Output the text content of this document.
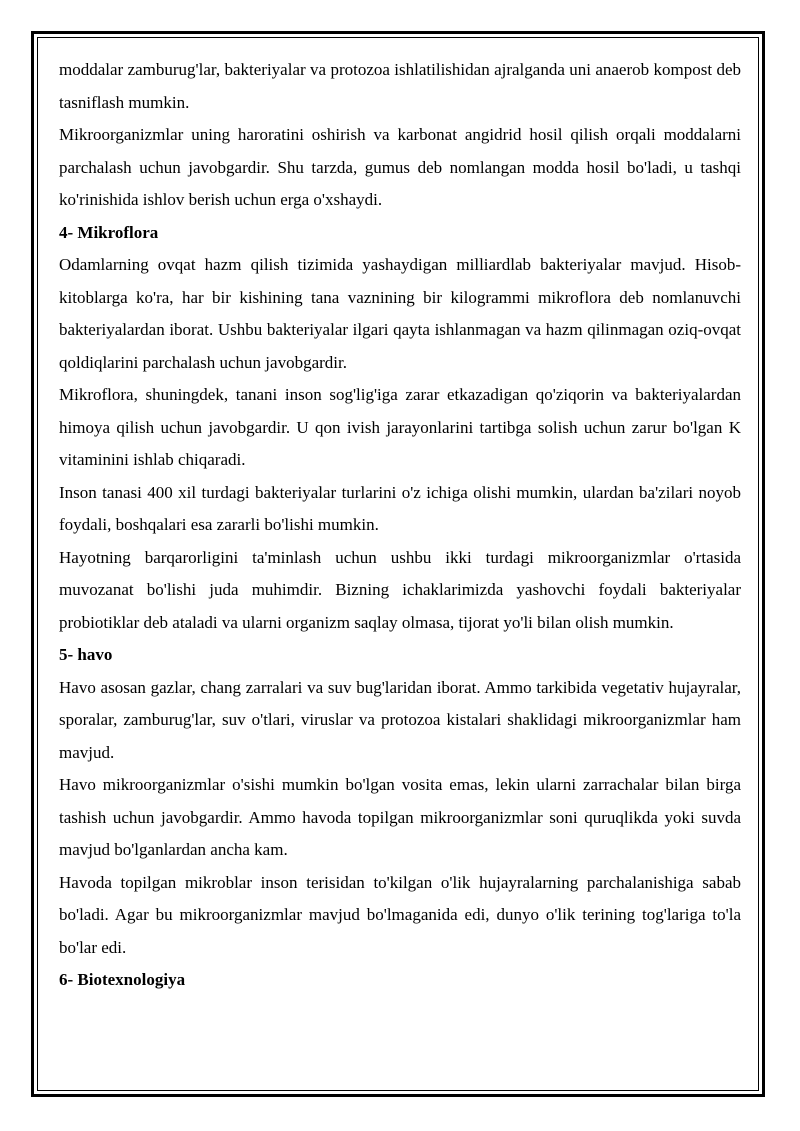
moddalar zamburug'lar, bakteriyalar va protozoa ishlatilishidan ajralganda uni anaerob kompost deb tasniflash mumkin.

Mikroorganizmlar uning haroratini oshirish va karbonat angidrid hosil qilish orqali moddalarni parchalash uchun javobgardir. Shu tarzda, gumus deb nomlangan modda hosil bo'ladi, u tashqi ko'rinishida ishlov berish uchun erga o'xshaydi.

4- Mikroflora

Odamlarning ovqat hazm qilish tizimida yashaydigan milliardlab bakteriyalar mavjud. Hisob-kitoblarga ko'ra, har bir kishining tana vaznining bir kilogrammi mikroflora deb nomlanuvchi bakteriyalardan iborat. Ushbu bakteriyalar ilgari qayta ishlanmagan va hazm qilinmagan oziq-ovqat qoldiqlarini parchalash uchun javobgardir.

Mikroflora, shuningdek, tanani inson sog'lig'iga zarar etkazadigan qo'ziqorin va bakteriyalardan himoya qilish uchun javobgardir. U qon ivish jarayonlarini tartibga solish uchun zarur bo'lgan K vitaminini ishlab chiqaradi.

Inson tanasi 400 xil turdagi bakteriyalar turlarini o'z ichiga olishi mumkin, ulardan ba'zilari noyob foydali, boshqalari esa zararli bo'lishi mumkin.

Hayotning barqarorligini ta'minlash uchun ushbu ikki turdagi mikroorganizmlar o'rtasida muvozanat bo'lishi juda muhimdir. Bizning ichaklarimizda yashovchi foydali bakteriyalar probiotiklar deb ataladi va ularni organizm saqlay olmasa, tijorat yo'li bilan olish mumkin.

5- havo

Havo asosan gazlar, chang zarralari va suv bug'laridan iborat. Ammo tarkibida vegetativ hujayralar, sporalar, zamburug'lar, suv o'tlari, viruslar va protozoa kistalari shaklidagi mikroorganizmlar ham mavjud.

Havo mikroorganizmlar o'sishi mumkin bo'lgan vosita emas, lekin ularni zarrachalar bilan birga tashish uchun javobgardir. Ammo havoda topilgan mikroorganizmlar soni quruqlikda yoki suvda mavjud bo'lganlardan ancha kam.

Havoda topilgan mikroblar inson terisidan to'kilgan o'lik hujayralarning parchalanishiga sabab bo'ladi. Agar bu mikroorganizmlar mavjud bo'lmaganida edi, dunyo o'lik terining tog'lariga to'la bo'lar edi.

6- Biotexnologiya
